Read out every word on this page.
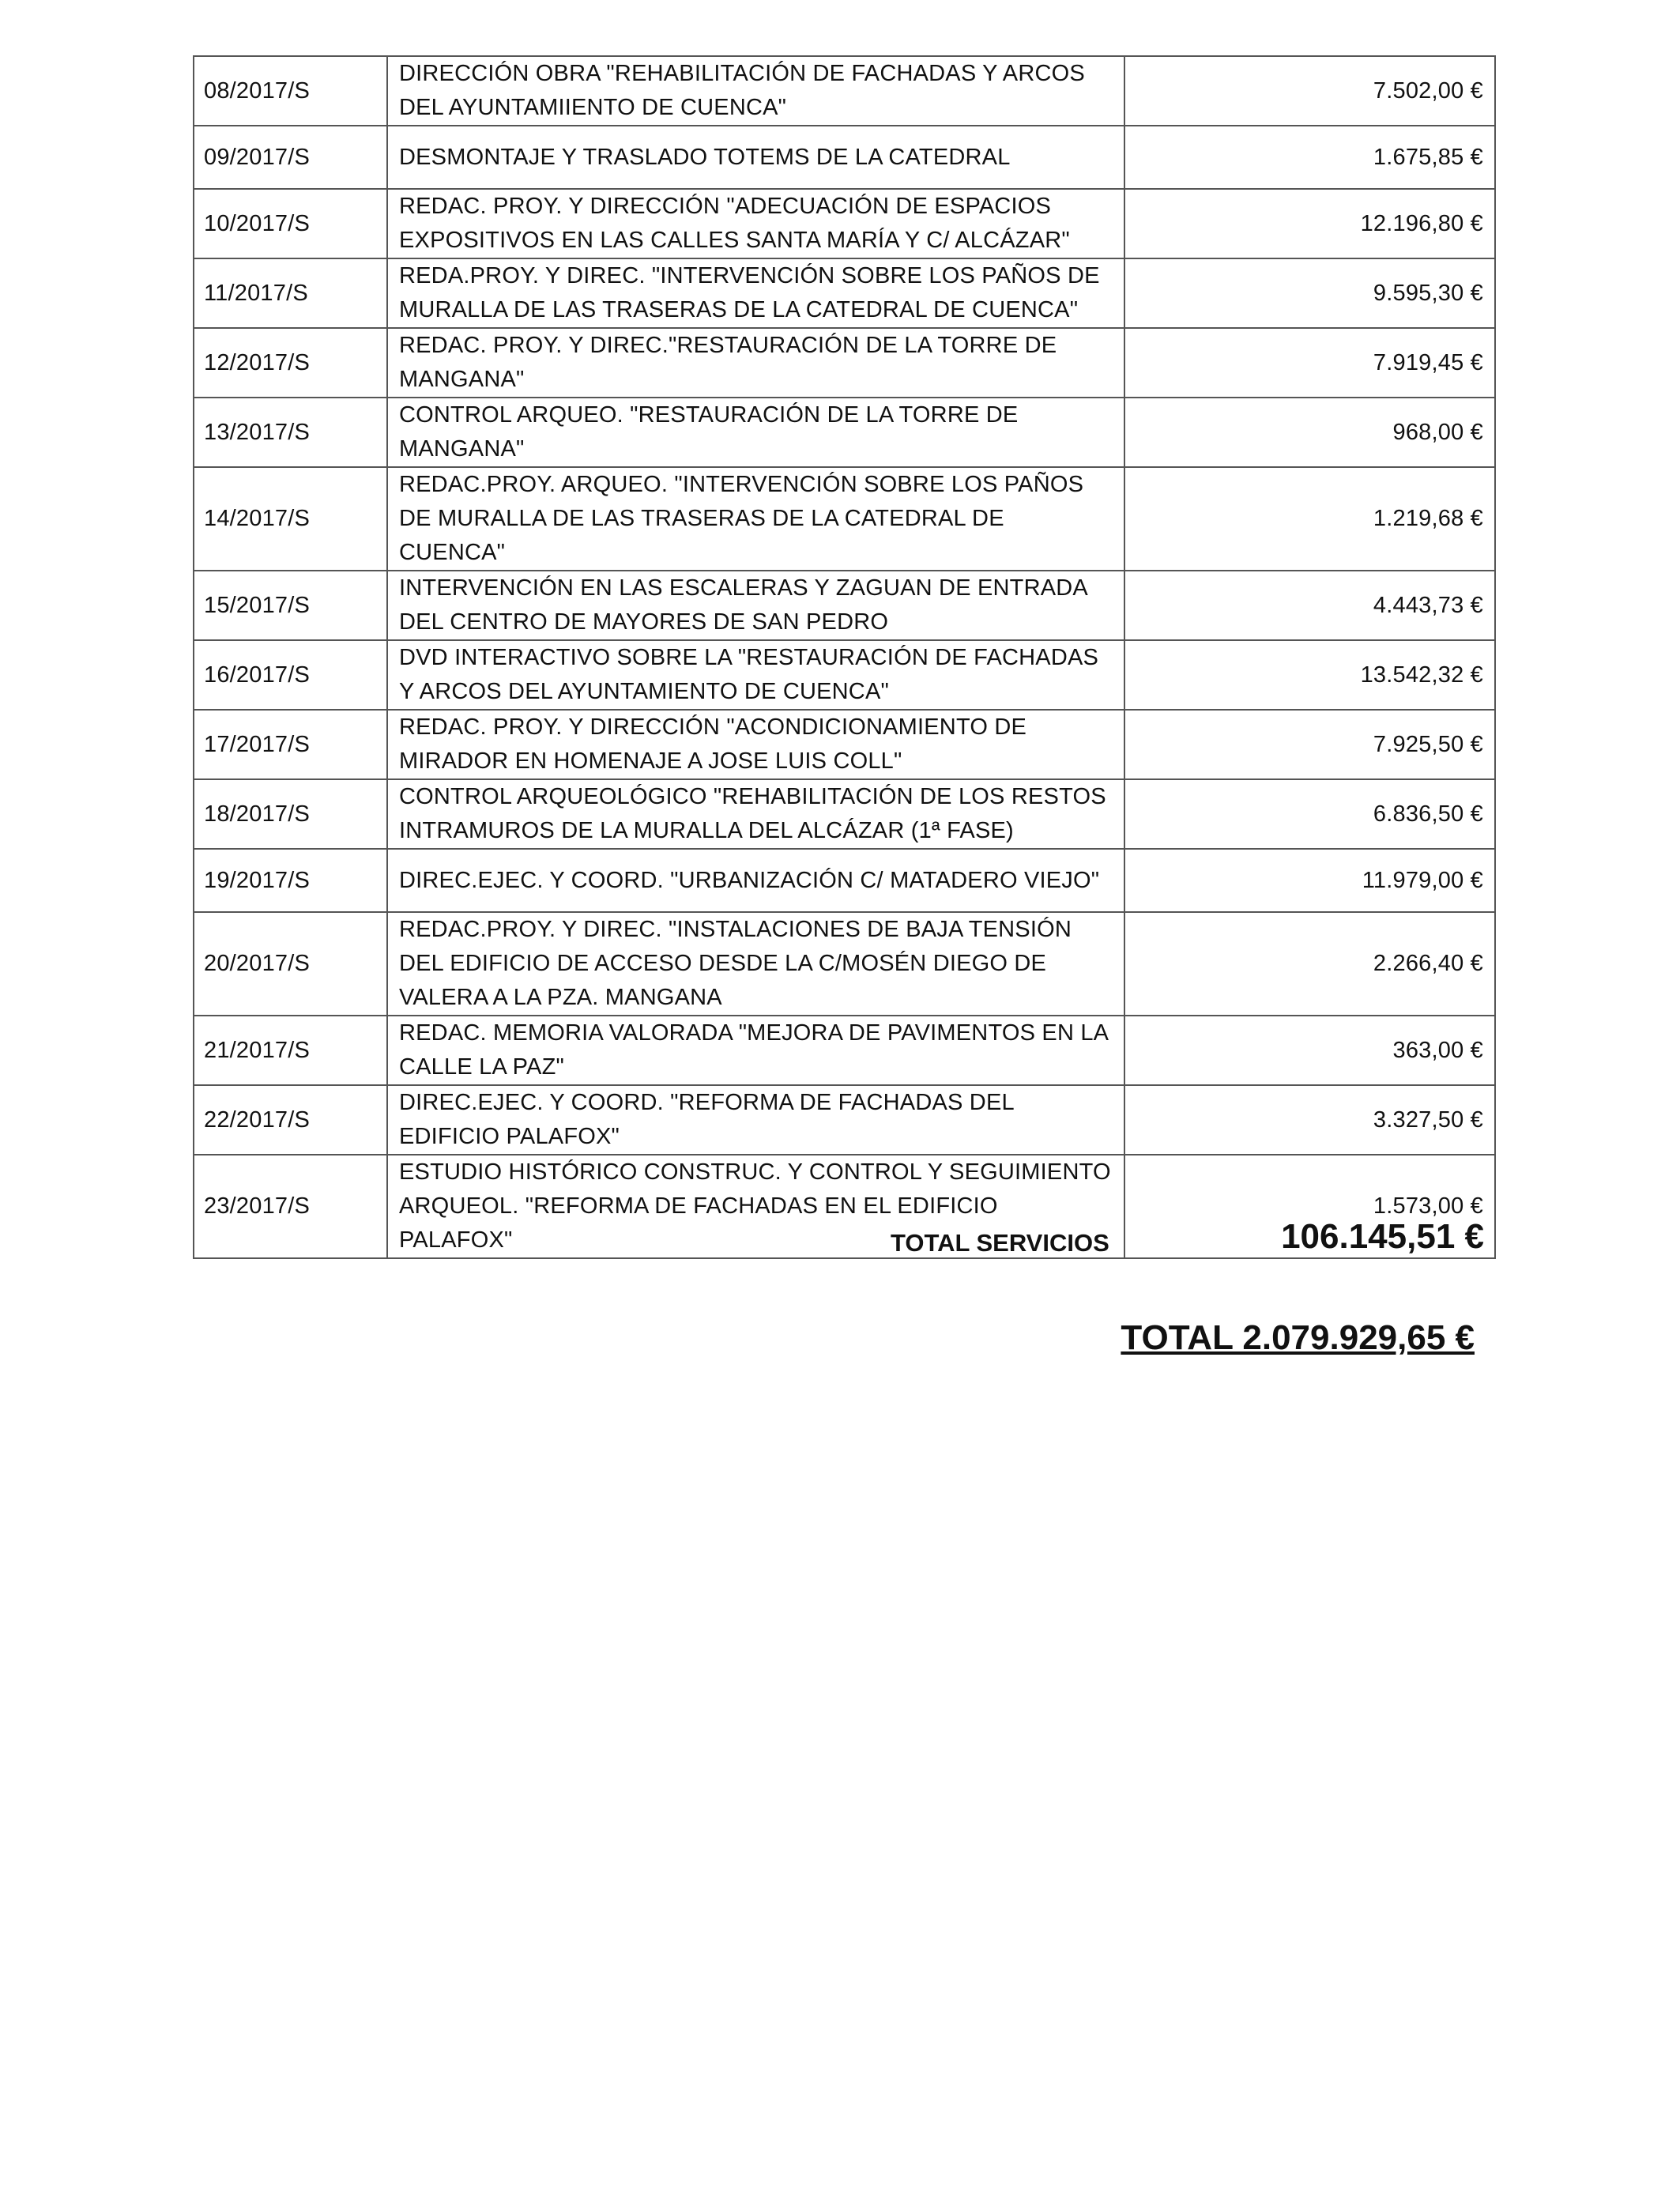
08/2017/S	DIRECCIÓN OBRA "REHABILITACIÓN DE FACHADAS Y ARCOS DEL AYUNTAMIIENTO DE CUENCA"	7.502,00 €
09/2017/S	DESMONTAJE Y TRASLADO TOTEMS DE LA CATEDRAL	1.675,85 €
10/2017/S	REDAC. PROY. Y DIRECCIÓN "ADECUACIÓN DE ESPACIOS EXPOSITIVOS EN LAS CALLES SANTA MARÍA Y C/ ALCÁZAR"	12.196,80 €
11/2017/S	REDA.PROY. Y DIREC. "INTERVENCIÓN SOBRE LOS PAÑOS DE MURALLA DE LAS TRASERAS DE LA CATEDRAL DE CUENCA"	9.595,30 €
12/2017/S	REDAC. PROY. Y DIREC."RESTAURACIÓN DE LA TORRE DE MANGANA"	7.919,45 €
13/2017/S	CONTROL ARQUEO. "RESTAURACIÓN DE LA TORRE DE MANGANA"	968,00 €
14/2017/S	REDAC.PROY. ARQUEO. "INTERVENCIÓN SOBRE LOS PAÑOS DE MURALLA DE LAS TRASERAS DE LA CATEDRAL DE CUENCA"	1.219,68 €
15/2017/S	INTERVENCIÓN EN LAS ESCALERAS Y ZAGUAN DE ENTRADA DEL CENTRO DE MAYORES DE SAN PEDRO	4.443,73 €
16/2017/S	DVD INTERACTIVO SOBRE LA "RESTAURACIÓN DE FACHADAS Y ARCOS DEL AYUNTAMIENTO DE CUENCA"	13.542,32 €
17/2017/S	REDAC. PROY. Y DIRECCIÓN "ACONDICIONAMIENTO DE MIRADOR EN HOMENAJE A JOSE LUIS COLL"	7.925,50 €
18/2017/S	CONTROL ARQUEOLÓGICO "REHABILITACIÓN DE LOS RESTOS INTRAMUROS DE LA MURALLA DEL ALCÁZAR (1ª FASE)	6.836,50 €
19/2017/S	DIREC.EJEC. Y COORD. "URBANIZACIÓN C/ MATADERO VIEJO"	11.979,00 €
20/2017/S	REDAC.PROY. Y DIREC. "INSTALACIONES DE BAJA TENSIÓN DEL EDIFICIO DE ACCESO DESDE LA C/MOSÉN DIEGO DE VALERA A LA PZA. MANGANA	2.266,40 €
21/2017/S	REDAC. MEMORIA VALORADA "MEJORA DE PAVIMENTOS EN LA CALLE LA PAZ"	363,00 €
22/2017/S	DIREC.EJEC. Y COORD. "REFORMA DE FACHADAS DEL EDIFICIO PALAFOX"	3.327,50 €
23/2017/S	ESTUDIO HISTÓRICO CONSTRUC. Y CONTROL Y SEGUIMIENTO ARQUEOL. "REFORMA DE FACHADAS EN EL EDIFICIO PALAFOX"	1.573,00 €
TOTAL SERVICIOS	106.145,51 €
TOTAL 2.079.929,65 €
